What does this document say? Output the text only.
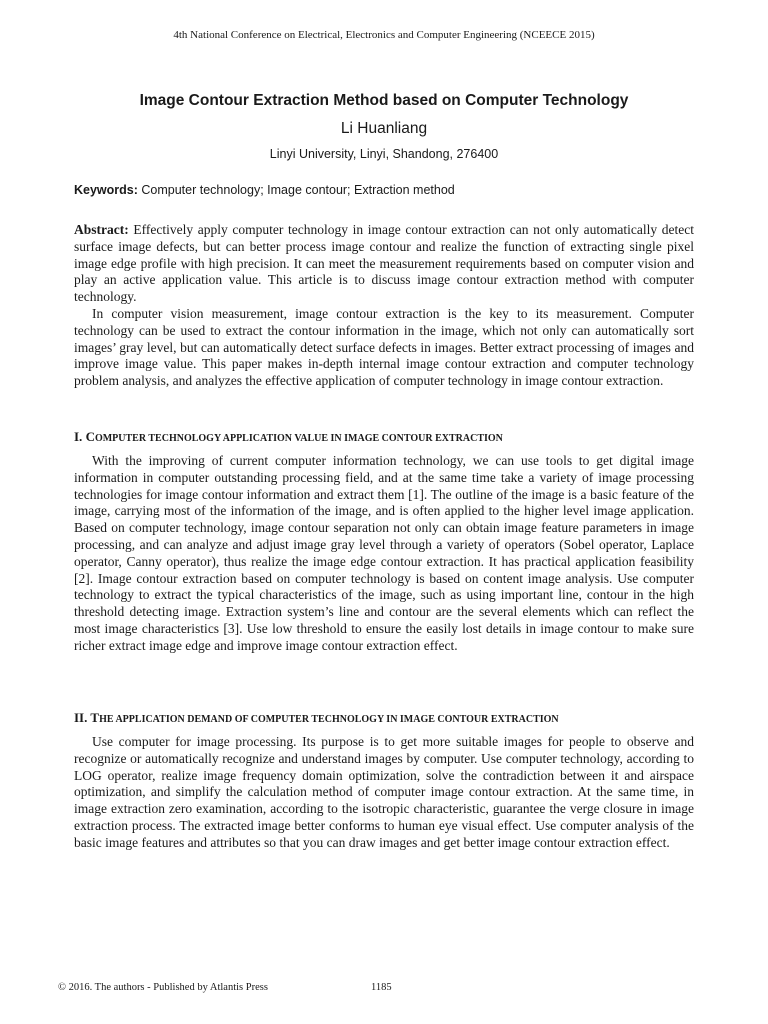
4th National Conference on Electrical, Electronics and Computer Engineering (NCEECE 2015)
Image Contour Extraction Method based on Computer Technology
Li Huanliang
Linyi University, Linyi, Shandong, 276400
Keywords: Computer technology; Image contour; Extraction method

Abstract: Effectively apply computer technology in image contour extraction can not only automatically detect surface image defects, but can better process image contour and realize the function of extracting single pixel image edge profile with high precision. It can meet the measurement requirements based on computer vision and play an active application value. This article is to discuss image contour extraction method with computer technology.

In computer vision measurement, image contour extraction is the key to its measurement. Computer technology can be used to extract the contour information in the image, which not only can automatically sort images’ gray level, but can automatically detect surface defects in images. Better extract processing of images and improve image value. This paper makes in-depth internal image contour extraction and computer technology problem analysis, and analyzes the effective application of computer technology in image contour extraction.

I. COMPUTER TECHNOLOGY APPLICATION VALUE IN IMAGE CONTOUR EXTRACTION

With the improving of current computer information technology, we can use tools to get digital image information in computer outstanding processing field, and at the same time take a variety of image processing technologies for image contour information and extract them [1]. The outline of the image is a basic feature of the image, carrying most of the information of the image, and is often applied to the higher level image application. Based on computer technology, image contour separation not only can obtain image feature parameters in image processing, and can analyze and adjust image gray level through a variety of operators (Sobel operator, Laplace operator, Canny operator), thus realize the image edge contour extraction. It has practical application feasibility [2]. Image contour extraction based on computer technology is based on content image analysis. Use computer technology to extract the typical characteristics of the image, such as using important line, contour in the high threshold detecting image. Extraction system’s line and contour are the several elements which can reflect the most image characteristics [3]. Use low threshold to ensure the easily lost details in image contour to make sure richer extract image edge and improve image contour extraction effect.

II. THE APPLICATION DEMAND OF COMPUTER TECHNOLOGY IN IMAGE CONTOUR EXTRACTION

Use computer for image processing. Its purpose is to get more suitable images for people to observe and recognize or automatically recognize and understand images by computer. Use computer technology, according to LOG operator, realize image frequency domain optimization, solve the contradiction between it and airspace optimization, and simplify the calculation method of computer image contour extraction. At the same time, in image extraction zero examination, according to the isotropic characteristic, guarantee the verge closure in image extraction process. The extracted image better conforms to human eye visual effect. Use computer analysis of the basic image features and attributes so that you can draw images and get better image contour extraction effect.

© 2016. The authors - Published by Atlantis Press	1185
